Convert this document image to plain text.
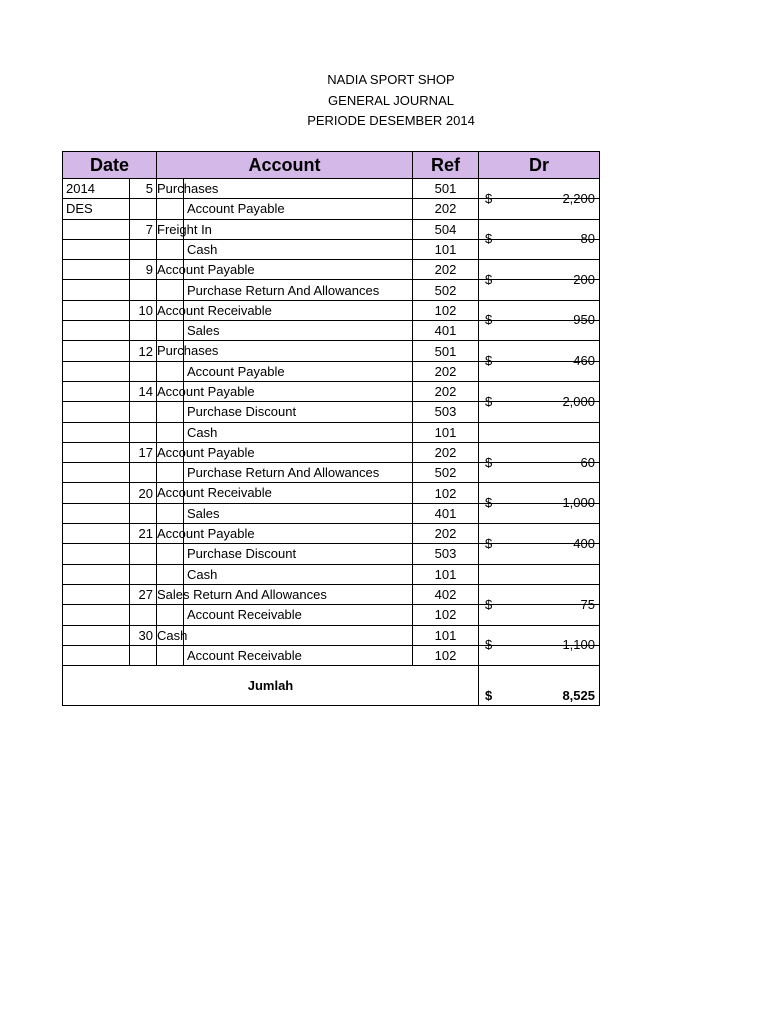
NADIA SPORT SHOP
GENERAL JOURNAL
PERIODE DESEMBER 2014
Date		Account		Ref	Dr
2014	5	Purchases		501	$ 2,200

DES			Account Payable	202	

	7	Freight In		504	$ 80

			Cash	101	

	9	Account Payable		202	$ 200

			Purchase Return And Allowances	502	

	10	Account Receivable		102	$ 950

			Sales	401	

	12	Purchases		501	$ 460

			Account Payable	202	

	14	Account Payable		202	$ 2,000

			Purchase Discount	503	

			Cash	101	

	17	Account Payable		202	$ 60

			Purchase Return And Allowances	502	

	20	Account Receivable		102	$ 1,000

			Sales	401	

	21	Account Payable		202	$ 400

			Purchase Discount	503	

			Cash	101	

	27	Sales Return And Allowances		402	$ 75

			Account Receivable	102	

	30	Cash		101	$ 1,100

			Account Receivable	102	

Jumlah					$ 8,525
